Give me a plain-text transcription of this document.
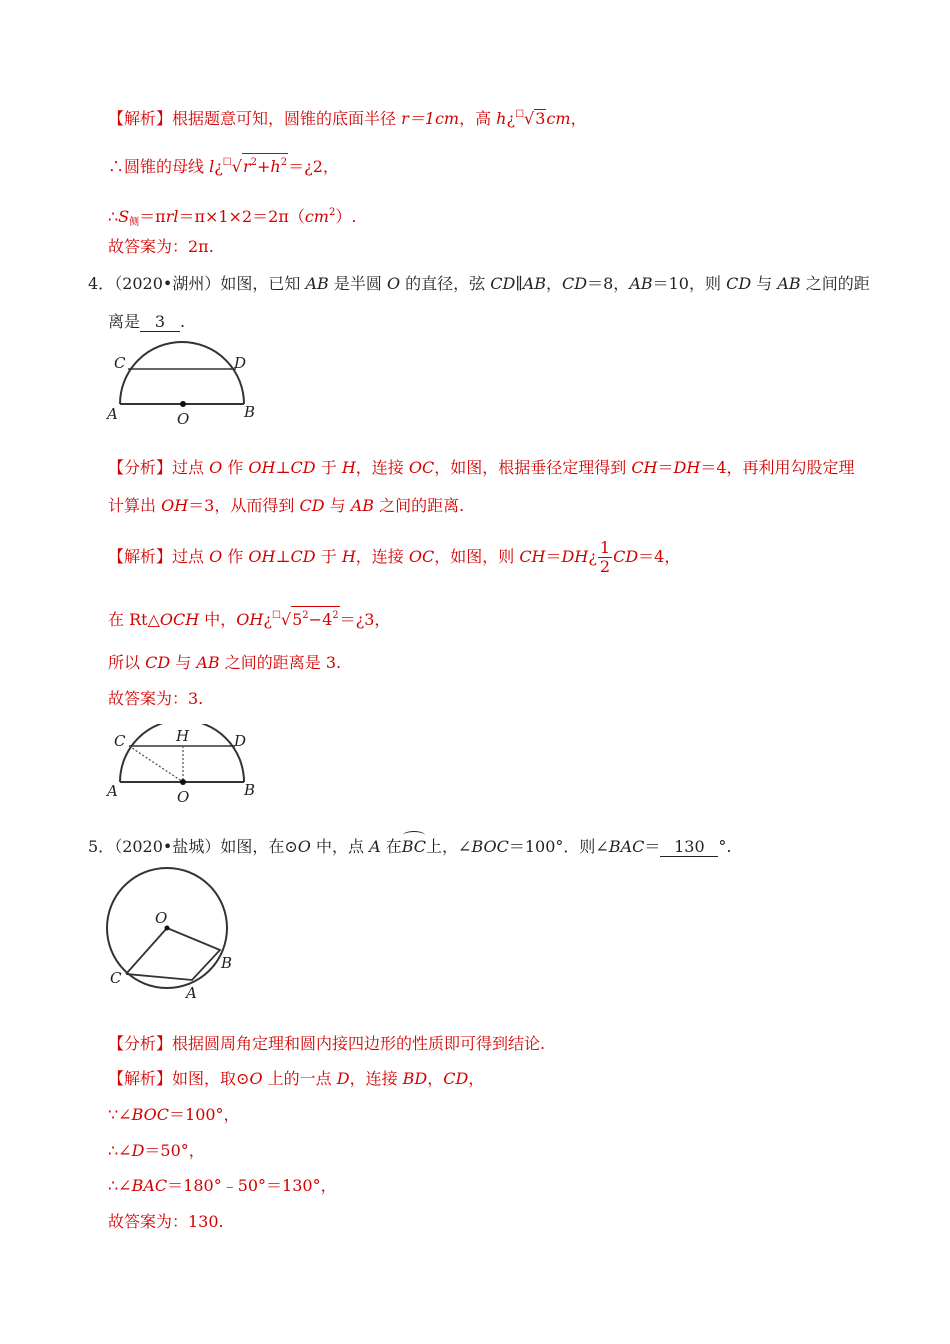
【解析】根据题意可知，圆锥的底面半径 r＝1cm，高 h¿☐√3cm，
∴圆锥的母线 $l¿^☐√r^2+h^2=¿2$，
$\therefore S_侧=\pi rl=\pi\times 1\times 2=2\pi(cm^2)$.
故答案为：2π.
4．（2020•湖州）如图，已知 AB 是半圆 O 的直径，弦 CD∥AB，CD＝8，AB＝10，则 CD 与 AB 之间的距
离是 3 .
C	D
A	B
O
【分析】过点 O 作 OH⊥CD 于 H，连接 OC，如图，根据垂径定理得到 CH＝DH＝4，再利用勾股定理
计算出 OH＝3，从而得到 CD 与 AB 之间的距离.
【解析】过点 O 作 OH⊥CD 于 H，连接 OC，如图，则 CH＝DH¿ $\frac{1}{2} CD=4$，
在 Rt△OCH 中，$OH¿^☐√5^2-4^2=¿3$，
所以 CD 与 AB 之间的距离是 3.
故答案为：3.
C	H	D
A	O	B
5．（2020•盐城）如图，在⊙O 中，点 A 在BC上，∠BOC＝100°．则∠BAC＝ 130 °.
O
C
B
A
【分析】根据圆周角定理和圆内接四边形的性质即可得到结论.
【解析】如图，取⊙O 上的一点 D，连接 BD，CD，
∵∠BOC＝100°，
∴∠D＝50°，
∴∠BAC＝180°﹣50°＝130°，
故答案为：130.
